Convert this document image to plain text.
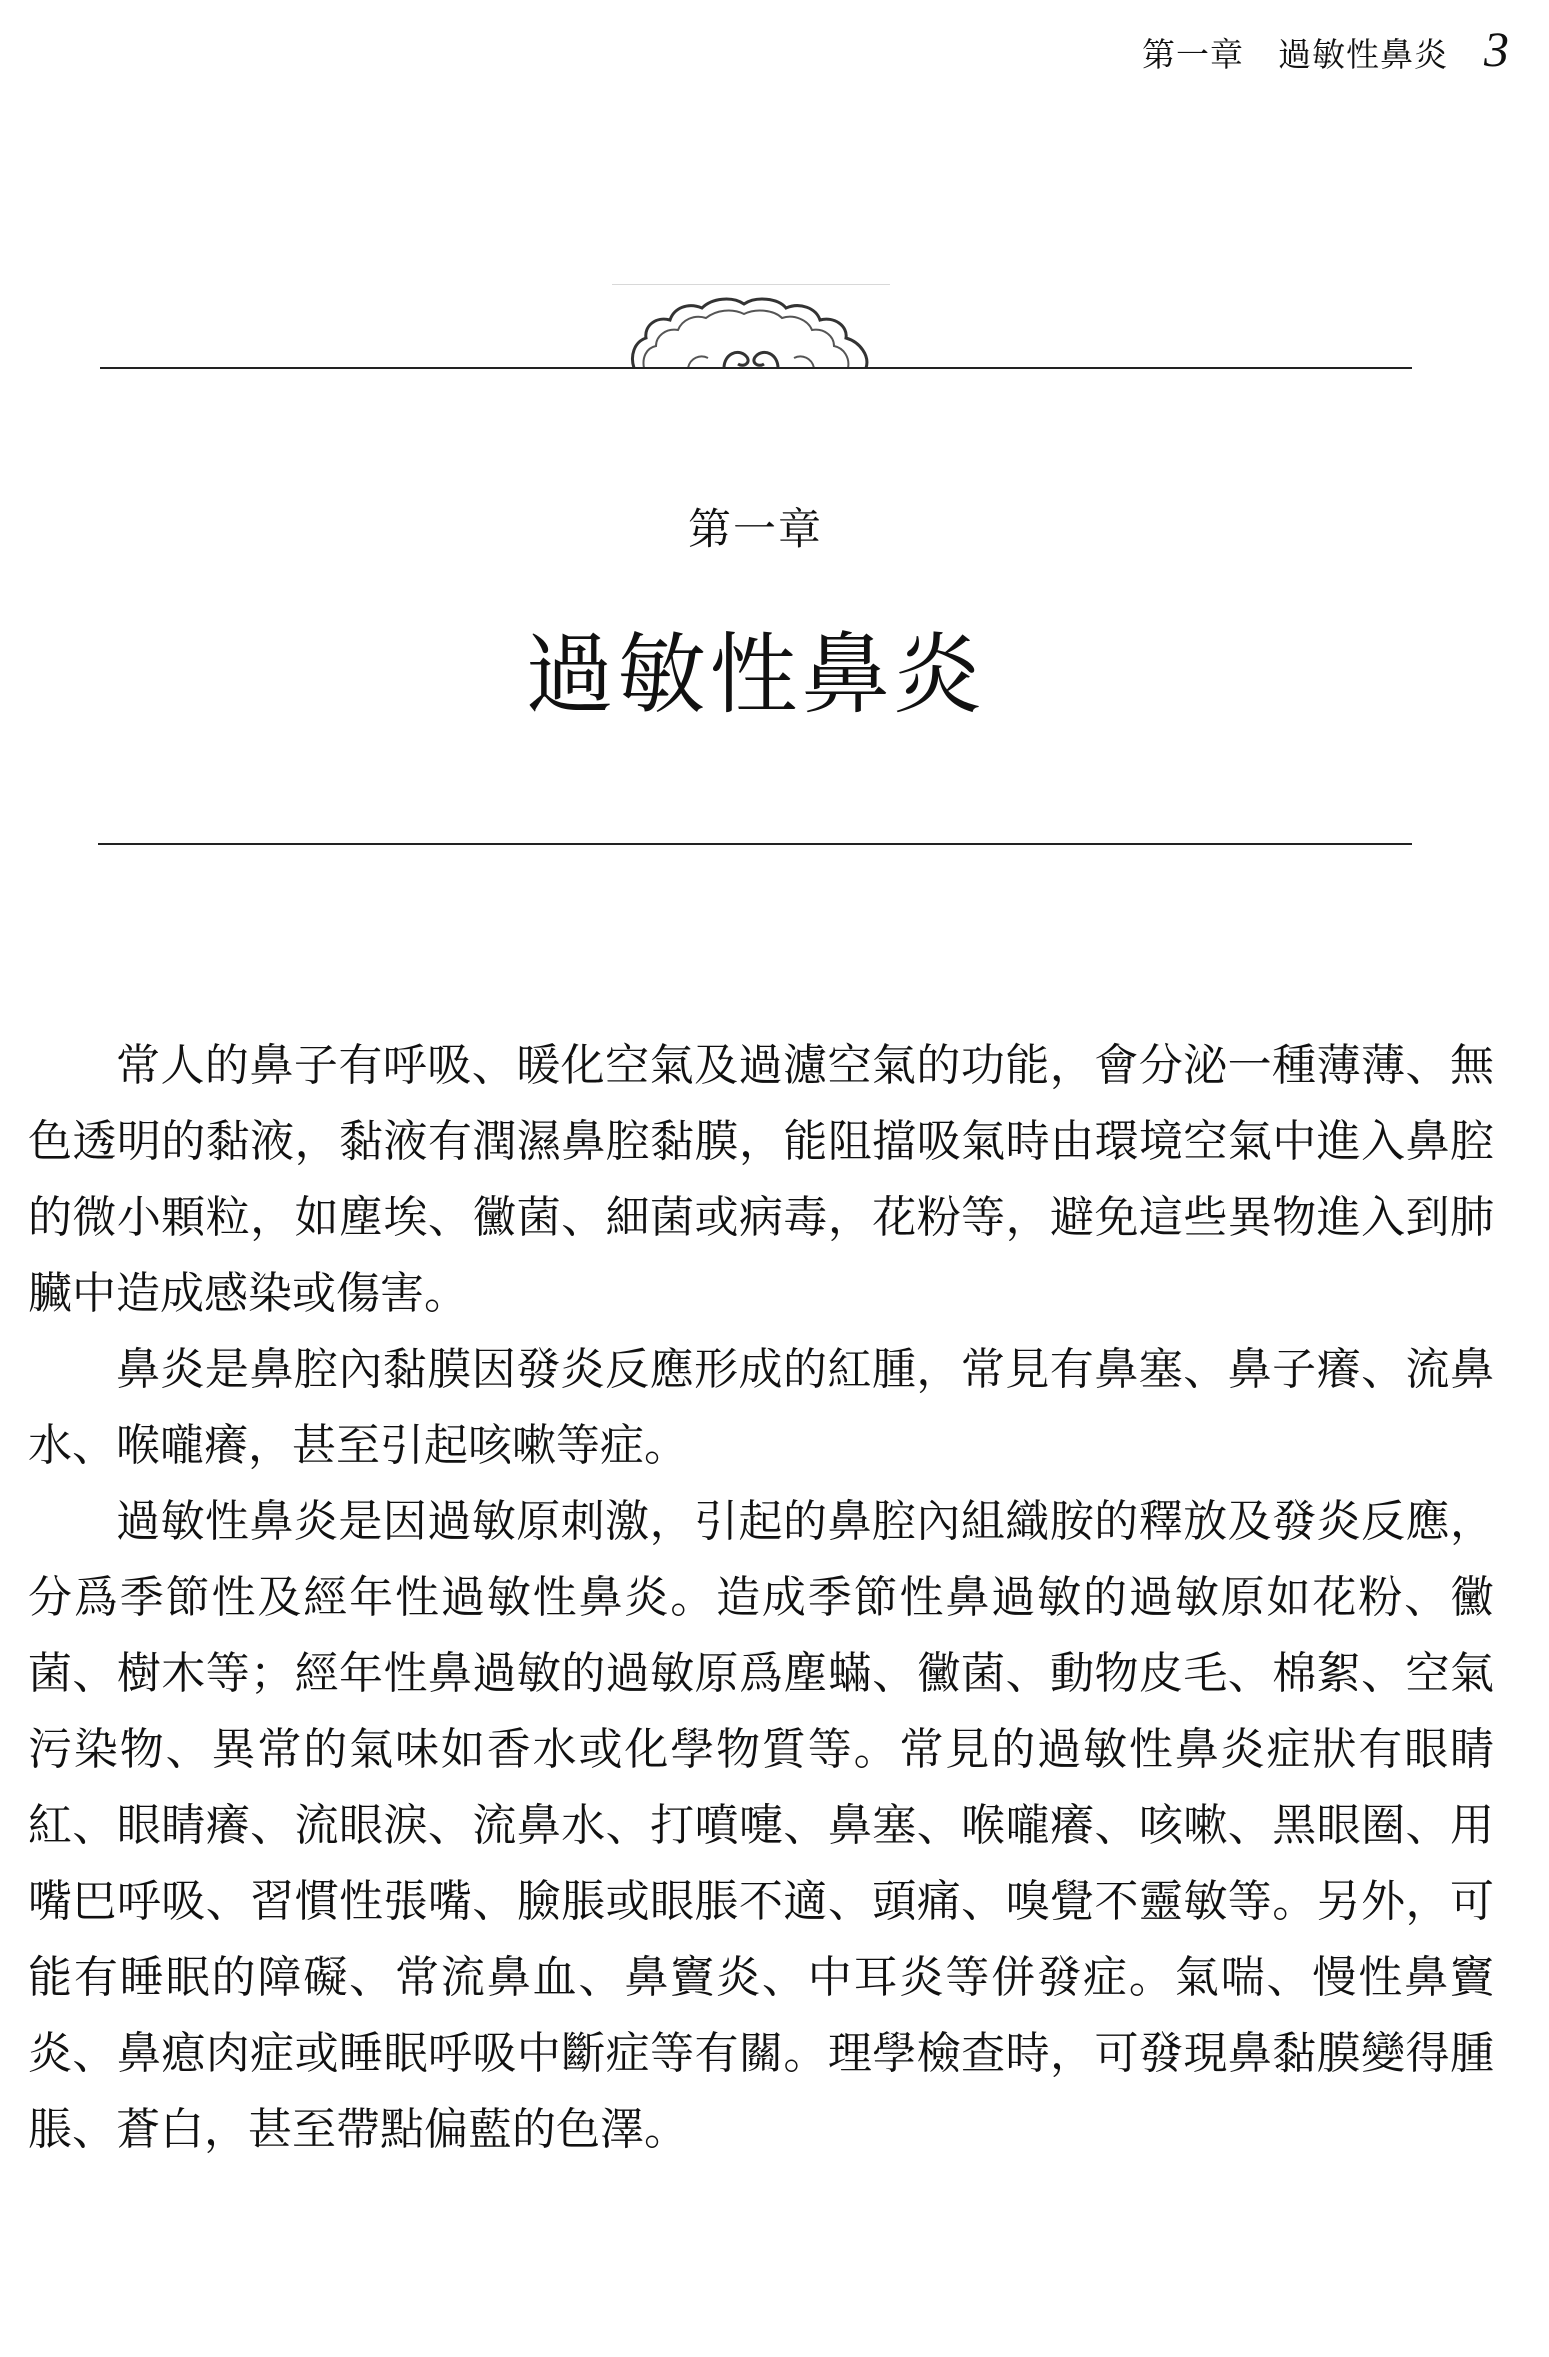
第一章　過敏性鼻炎 3
第一章
過敏性鼻炎

常人的鼻子有呼吸、暖化空氣及過濾空氣的功能，會分泌一種薄薄、無色透明的黏液，黏液有潤濕鼻腔黏膜，能阻擋吸氣時由環境空氣中進入鼻腔的微小顆粒，如塵埃、黴菌、細菌或病毒，花粉等，避免這些異物進入到肺臟中造成感染或傷害。

鼻炎是鼻腔內黏膜因發炎反應形成的紅腫，常見有鼻塞、鼻子癢、流鼻水、喉嚨癢，甚至引起咳嗽等症。

過敏性鼻炎是因過敏原刺激，引起的鼻腔內組織胺的釋放及發炎反應，分爲季節性及經年性過敏性鼻炎。造成季節性鼻過敏的過敏原如花粉、黴菌、樹木等；經年性鼻過敏的過敏原爲塵蟎、黴菌、動物皮毛、棉絮、空氣污染物、異常的氣味如香水或化學物質等。常見的過敏性鼻炎症狀有眼睛紅、眼睛癢、流眼淚、流鼻水、打噴嚏、鼻塞、喉嚨癢、咳嗽、黑眼圈、用嘴巴呼吸、習慣性張嘴、臉脹或眼脹不適、頭痛、嗅覺不靈敏等。另外，可能有睡眠的障礙、常流鼻血、鼻竇炎、中耳炎等併發症。氣喘、慢性鼻竇炎、鼻瘜肉症或睡眠呼吸中斷症等有關。理學檢查時，可發現鼻黏膜變得腫脹、蒼白，甚至帶點偏藍的色澤。
